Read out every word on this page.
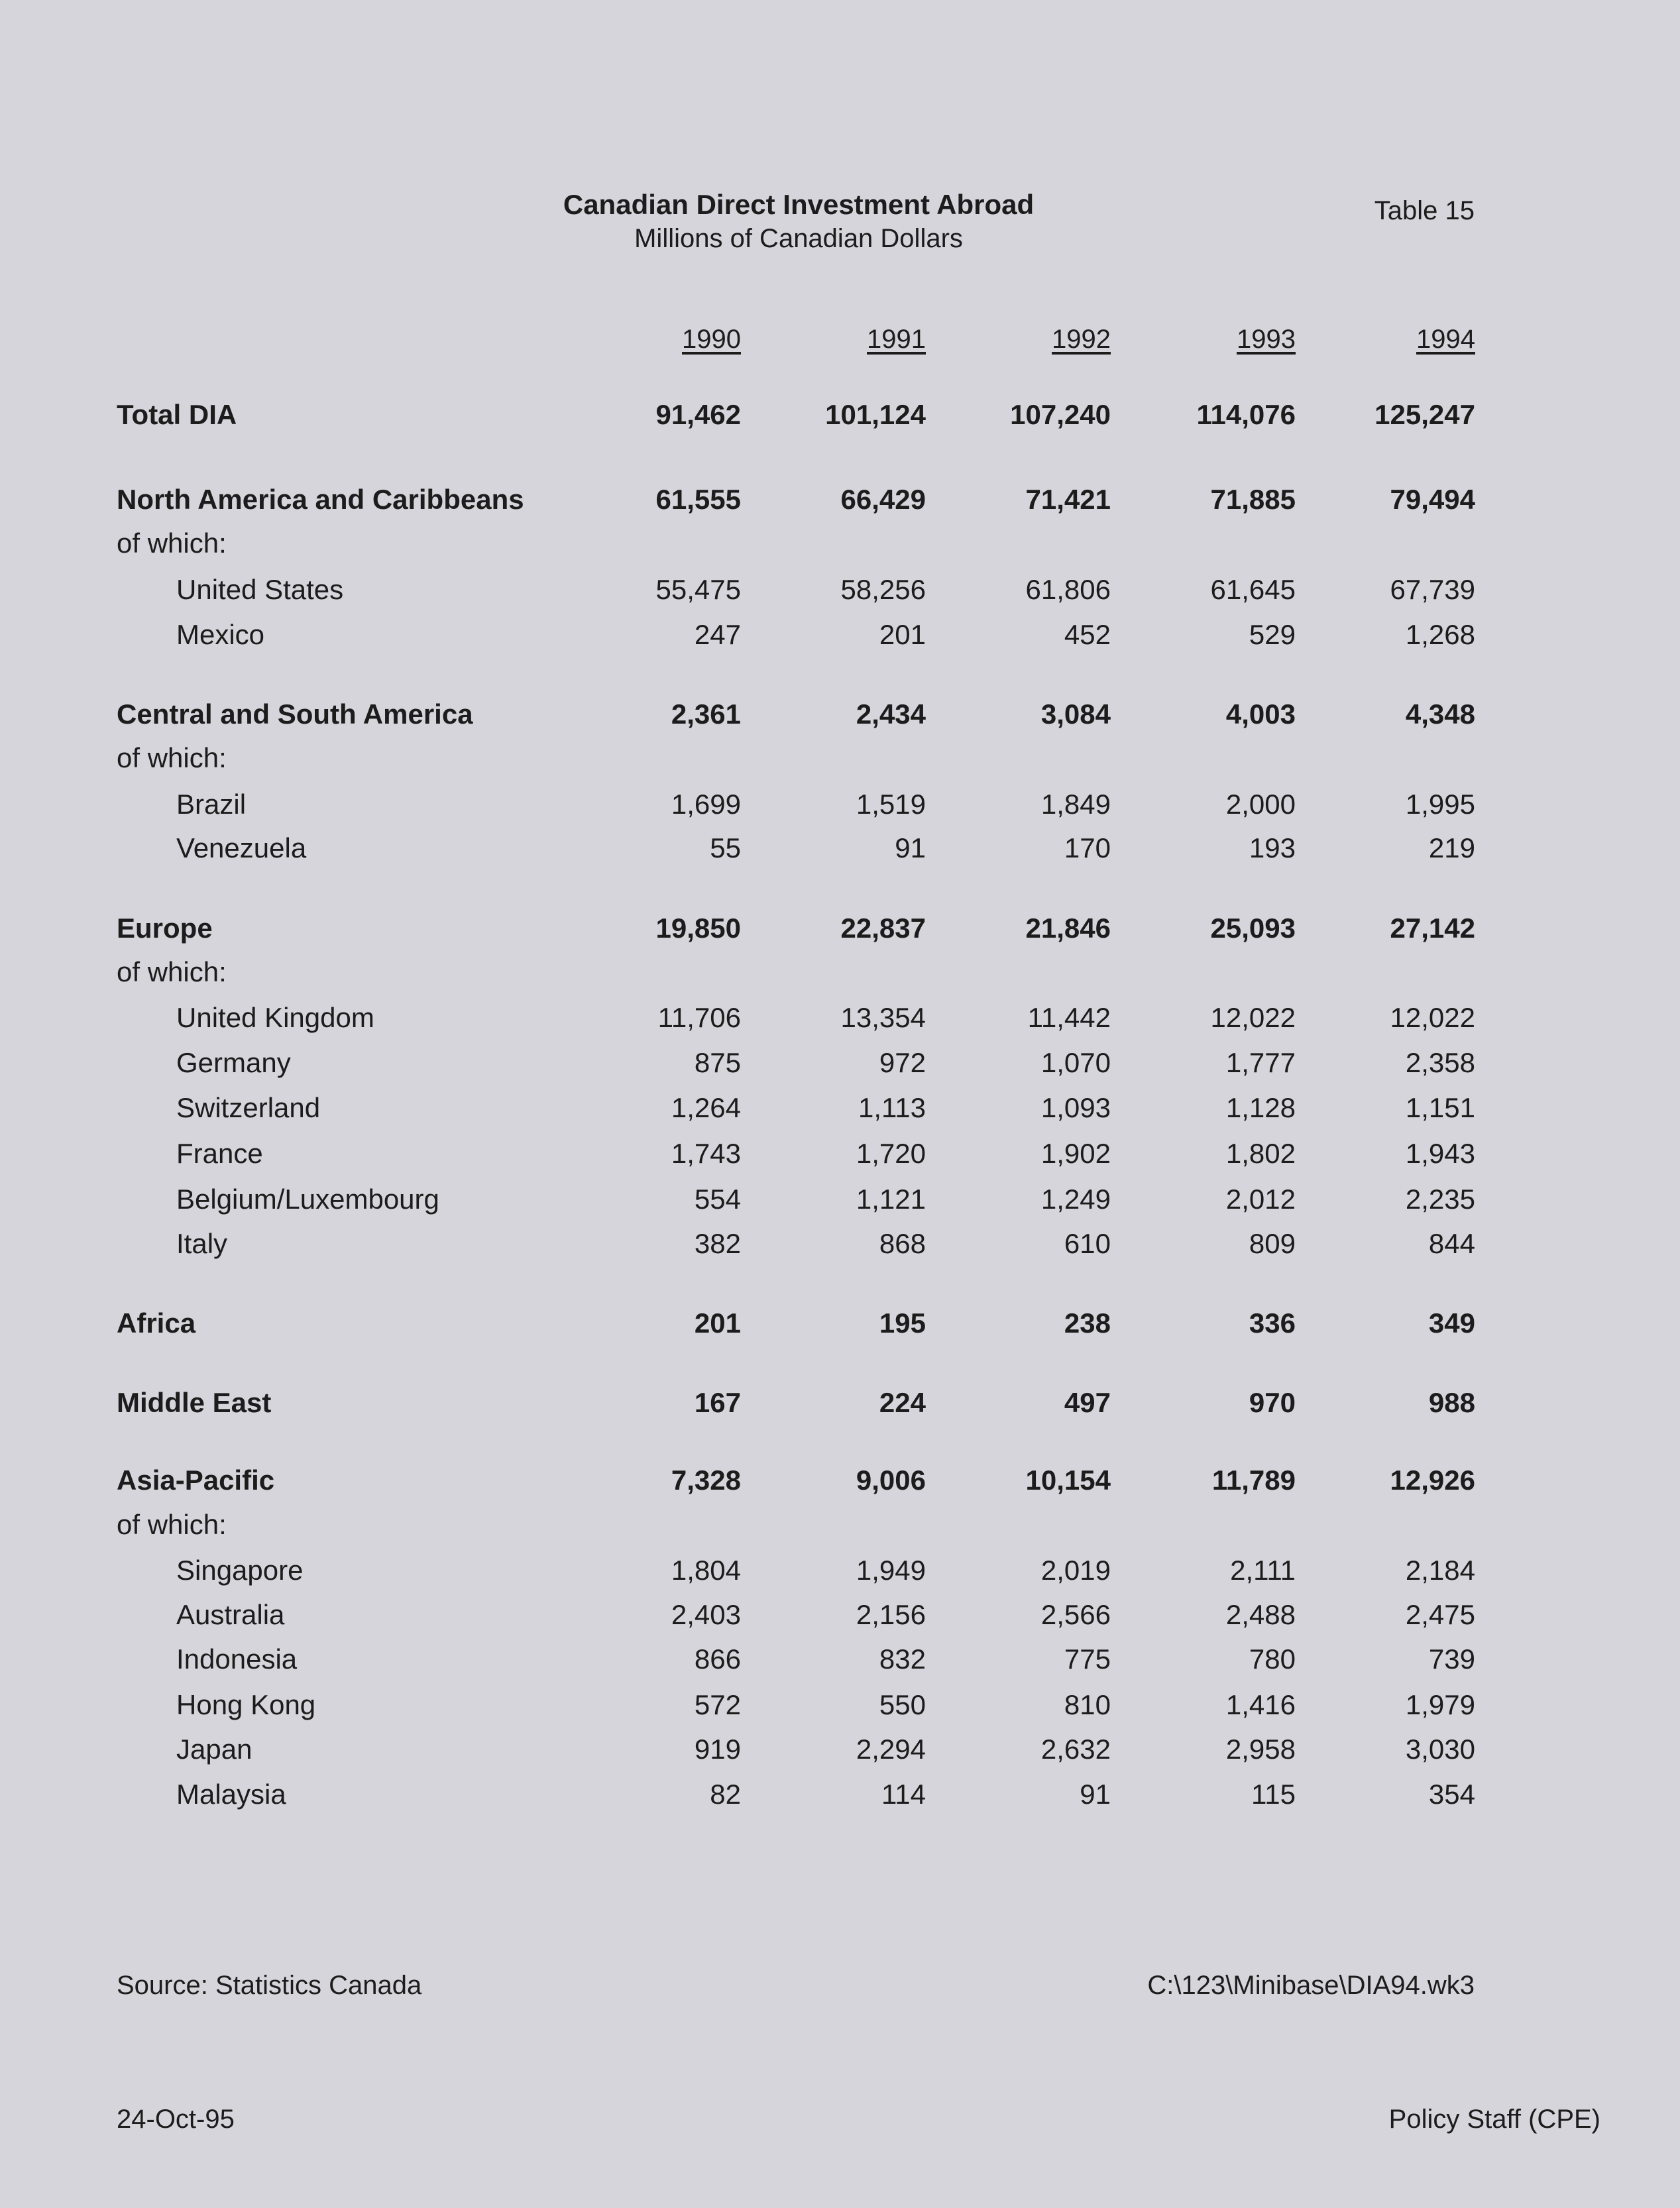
Canadian Direct Investment Abroad
Millions of Canadian Dollars
Table 15
1990	1991	1992	1993	1994
Total DIA	91,462	101,124	107,240	114,076	125,247
North America and Caribbeans	61,555	66,429	71,421	71,885	79,494
of which:
United States	55,475	58,256	61,806	61,645	67,739
Mexico	247	201	452	529	1,268
Central and South America	2,361	2,434	3,084	4,003	4,348
of which:
Brazil	1,699	1,519	1,849	2,000	1,995
Venezuela	55	91	170	193	219
Europe	19,850	22,837	21,846	25,093	27,142
of which:
United Kingdom	11,706	13,354	11,442	12,022	12,022
Germany	875	972	1,070	1,777	2,358
Switzerland	1,264	1,113	1,093	1,128	1,151
France	1,743	1,720	1,902	1,802	1,943
Belgium/Luxembourg	554	1,121	1,249	2,012	2,235
Italy	382	868	610	809	844
Africa	201	195	238	336	349
Middle East	167	224	497	970	988
Asia-Pacific	7,328	9,006	10,154	11,789	12,926
of which:
Singapore	1,804	1,949	2,019	2,111	2,184
Australia	2,403	2,156	2,566	2,488	2,475
Indonesia	866	832	775	780	739
Hong Kong	572	550	810	1,416	1,979
Japan	919	2,294	2,632	2,958	3,030
Malaysia	82	114	91	115	354
Source: Statistics Canada	C:\123\Minibase\DIA94.wk3
24-Oct-95	Policy Staff (CPE)
